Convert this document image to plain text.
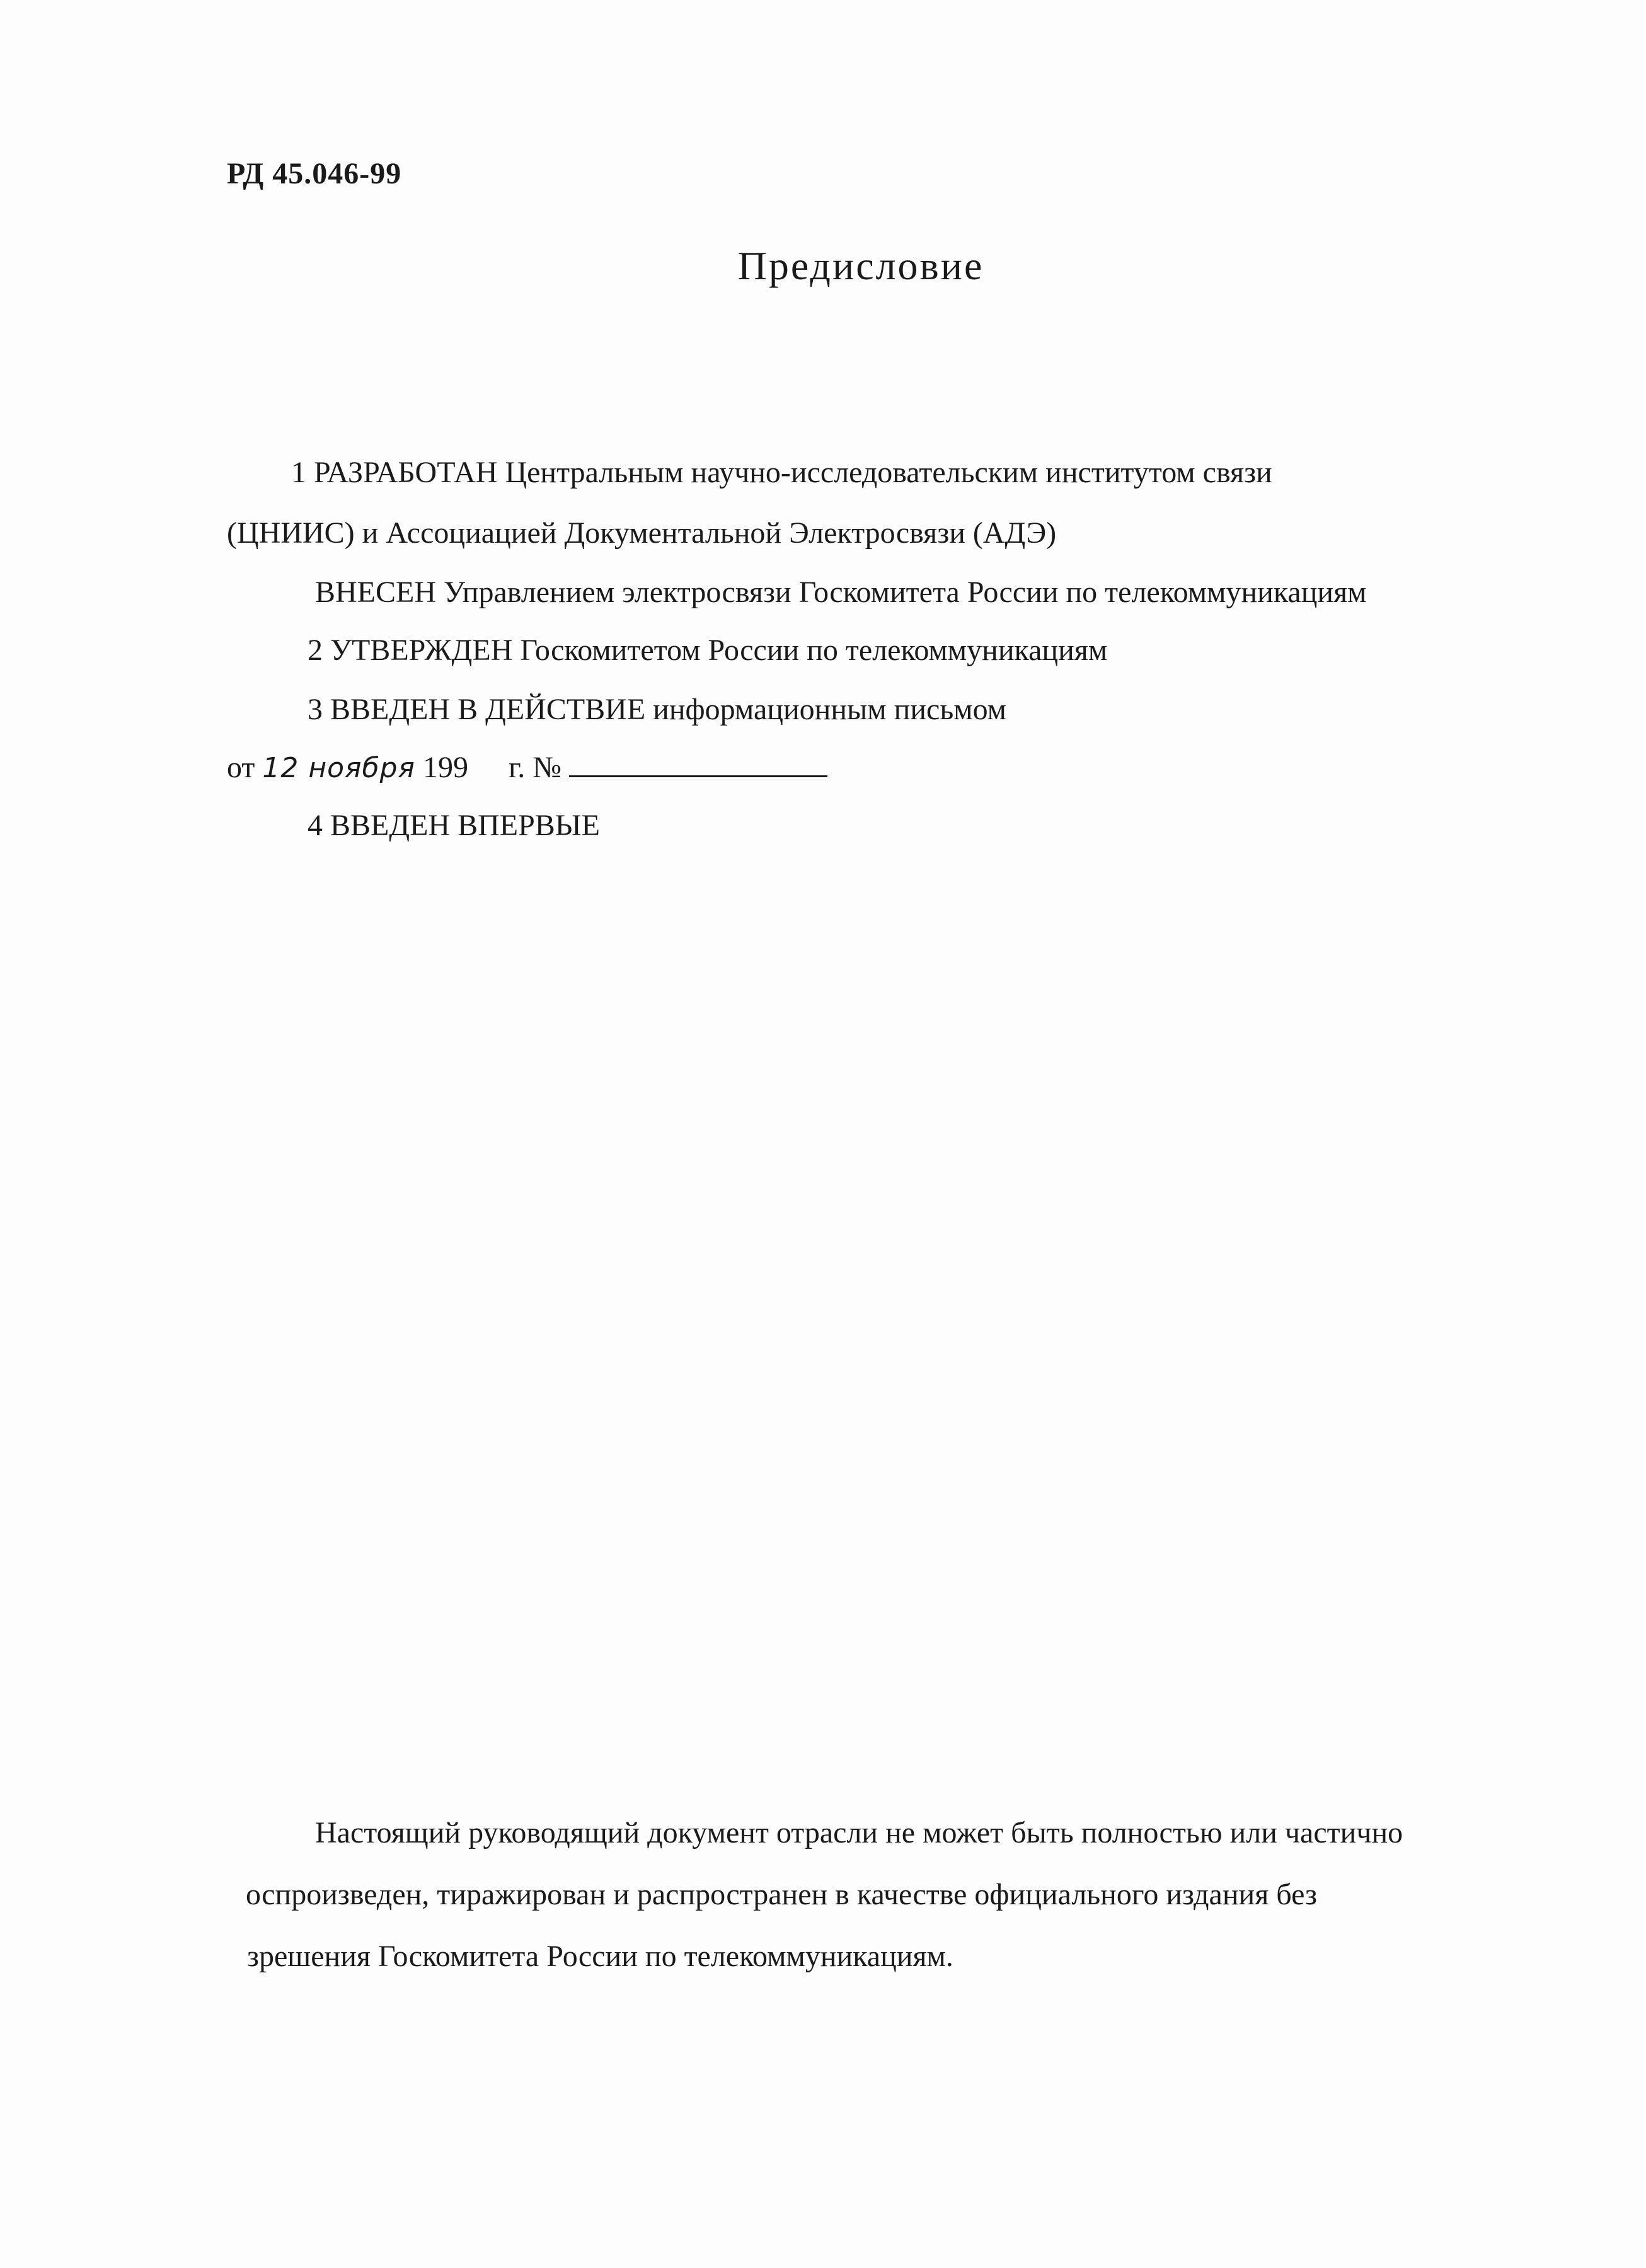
РД 45.046-99
Предисловие
1 РАЗРАБОТАН Центральным научно-исследовательским институтом связи
(ЦНИИС) и Ассоциацией Документальной Электросвязи (АДЭ)
ВНЕСЕН Управлением электросвязи Госкомитета России по телекоммуникациям
2 УТВЕРЖДЕН Госкомитетом России по телекоммуникациям
3 ВВЕДЕН В ДЕЙСТВИЕ информационным письмом
от 12 ноября 199 г. №
4 ВВЕДЕН ВПЕРВЫЕ
Настоящий руководящий документ отрасли не может быть полностью или частично
оспроизведен, тиражирован и распространен в качестве официального издания без
зрешения Госкомитета России по телекоммуникациям.
